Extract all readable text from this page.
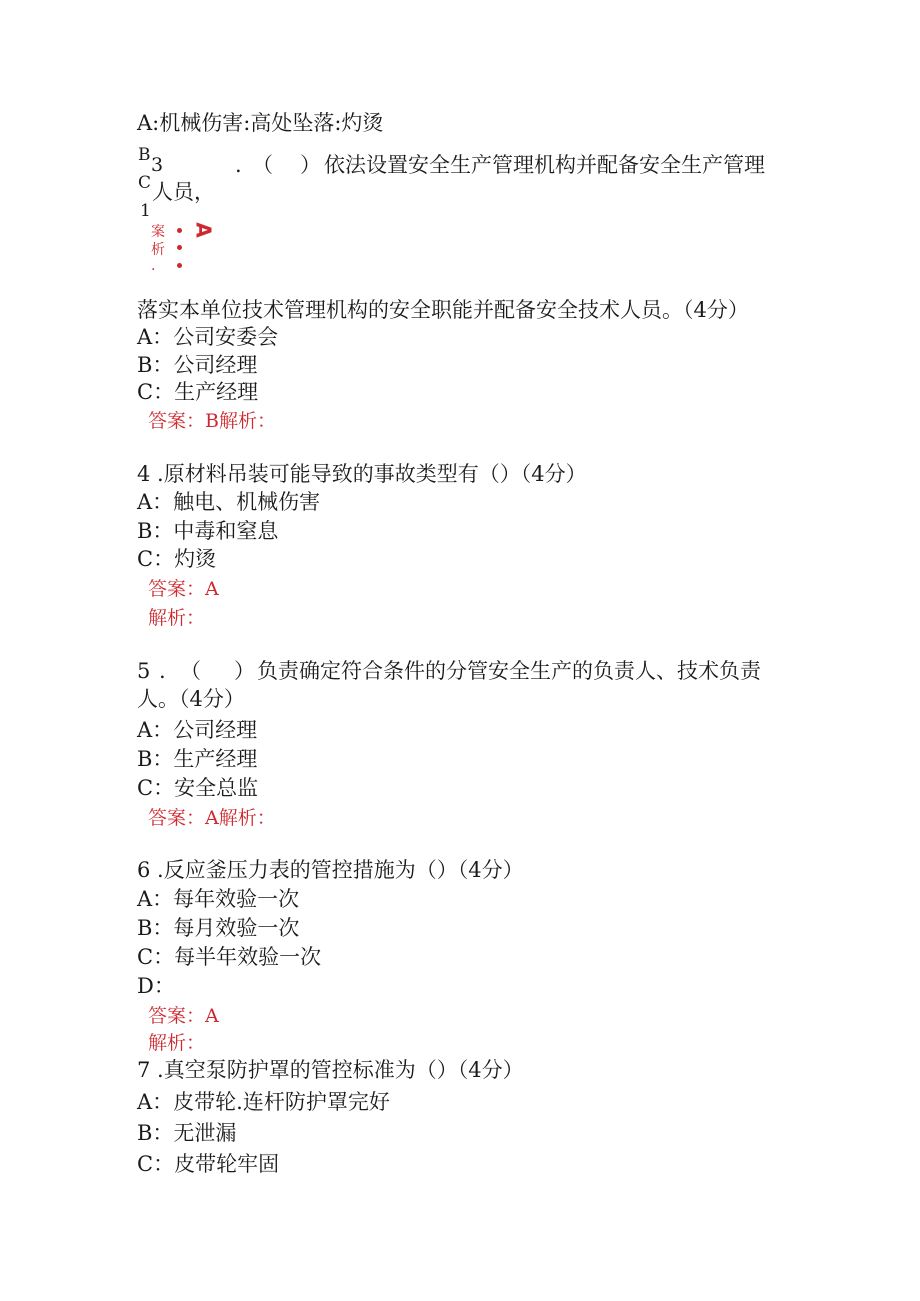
A:机械伤害:高处坠落:灼烫
B
C
1
3	. （ ） 依法设置安全生产管理机构并配备安全生产管理
人员，
案
析
.
A
落实本单位技术管理机构的安全职能并配备安全技术人员。（4分）
A：公司安委会
B：公司经理
C：生产经理
答案：B解析：
4 .原材料吊装可能导致的事故类型有（）（4分）
A：触电、机械伤害
B：中毒和窒息
C：灼烫
答案：A
解析：
5 . （ ） 负责确定符合条件的分管安全生产的负责人、技术负责
人。（4分）
A：公司经理
B：生产经理
C：安全总监
答案：A解析：
6 .反应釜压力表的管控措施为（）（4分）
A：每年效验一次
B：每月效验一次
C：每半年效验一次
D：
答案：A
解析：
7 .真空泵防护罩的管控标准为（）（4分）
A：皮带轮.连杆防护罩完好
B：无泄漏
C：皮带轮牢固
